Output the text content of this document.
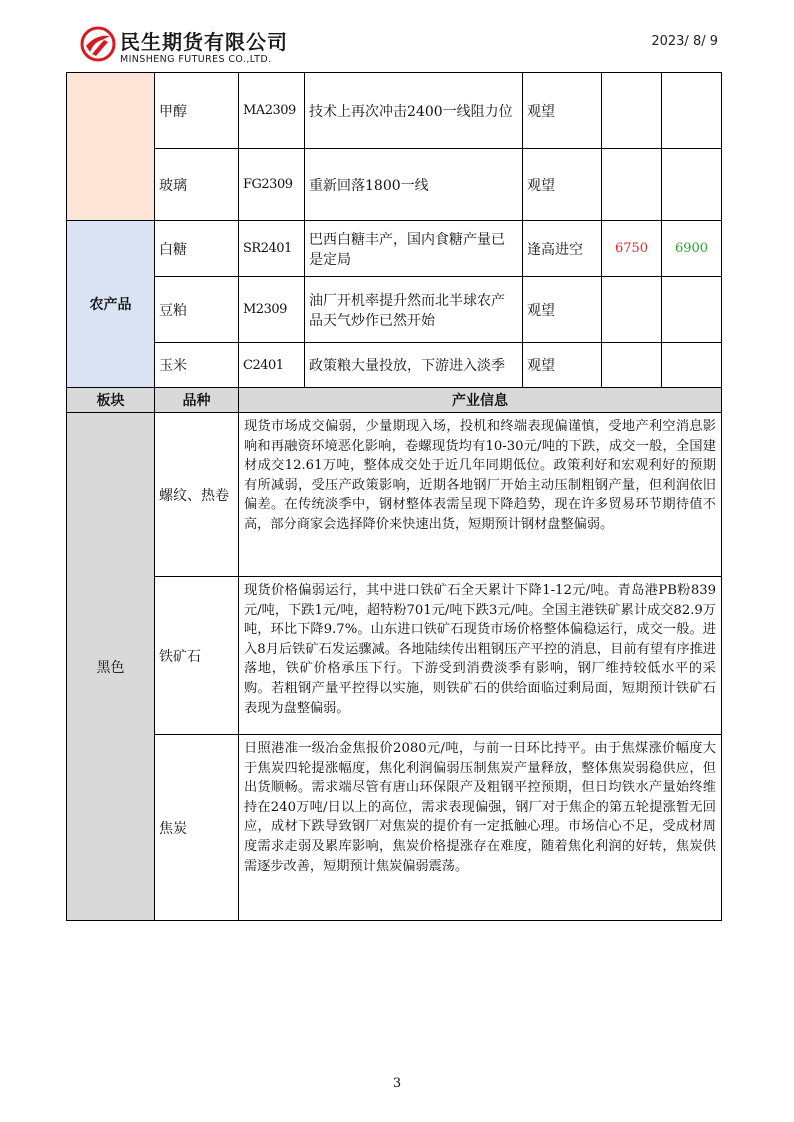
民生期货有限公司
MINSHENG FUTURES CO.,LTD.
2023/ 8/ 9
	甲醇	MA2309	技术上再次冲击2400一线阻力位	观望		
	玻璃	FG2309	重新回落1800一线	观望		
农产品	白糖	SR2401	巴西白糖丰产，国内食糖产量已是定局	逢高进空	6750	6900
	豆粕	M2309	油厂开机率提升然而北半球农产品天气炒作已然开始	观望		
	玉米	C2401	政策粮大量投放，下游进入淡季	观望		
板块	品种	产业信息
黑色	螺纹、热卷	现货市场成交偏弱，少量期现入场，投机和终端表现偏谨慎，受地产利空消息影响和再融资环境恶化影响，卷螺现货均有10-30元/吨的下跌，成交一般，全国建材成交12.61万吨，整体成交处于近几年同期低位。政策利好和宏观利好的预期有所减弱，受压产政策影响，近期各地钢厂开始主动压制粗钢产量，但利润依旧偏差。在传统淡季中，钢材整体表需呈现下降趋势，现在许多贸易环节期待值不高，部分商家会选择降价来快速出货，短期预计钢材盘整偏弱。
	铁矿石	现货价格偏弱运行，其中进口铁矿石全天累计下降1-12元/吨。青岛港PB粉839元/吨，下跌1元/吨，超特粉701元/吨下跌3元/吨。全国主港铁矿累计成交82.9万吨，环比下降9.7%。山东进口铁矿石现货市场价格整体偏稳运行，成交一般。进入8月后铁矿石发运骤减。各地陆续传出粗钢压产平控的消息，目前有望有序推进落地，铁矿价格承压下行。下游受到消费淡季有影响，钢厂维持较低水平的采购。若粗钢产量平控得以实施，则铁矿石的供给面临过剩局面，短期预计铁矿石表现为盘整偏弱。
	焦炭	日照港准一级冶金焦报价2080元/吨，与前一日环比持平。由于焦煤涨价幅度大于焦炭四轮提涨幅度，焦化利润偏弱压制焦炭产量释放，整体焦炭弱稳供应，但出货顺畅。需求端尽管有唐山环保限产及粗钢平控预期，但日均铁水产量始终维持在240万吨/日以上的高位，需求表现偏强，钢厂对于焦企的第五轮提涨暂无回应，成材下跌导致钢厂对焦炭的提价有一定抵触心理。市场信心不足，受成材周度需求走弱及累库影响，焦炭价格提涨存在难度，随着焦化利润的好转，焦炭供需逐步改善，短期预计焦炭偏弱震荡。
3
